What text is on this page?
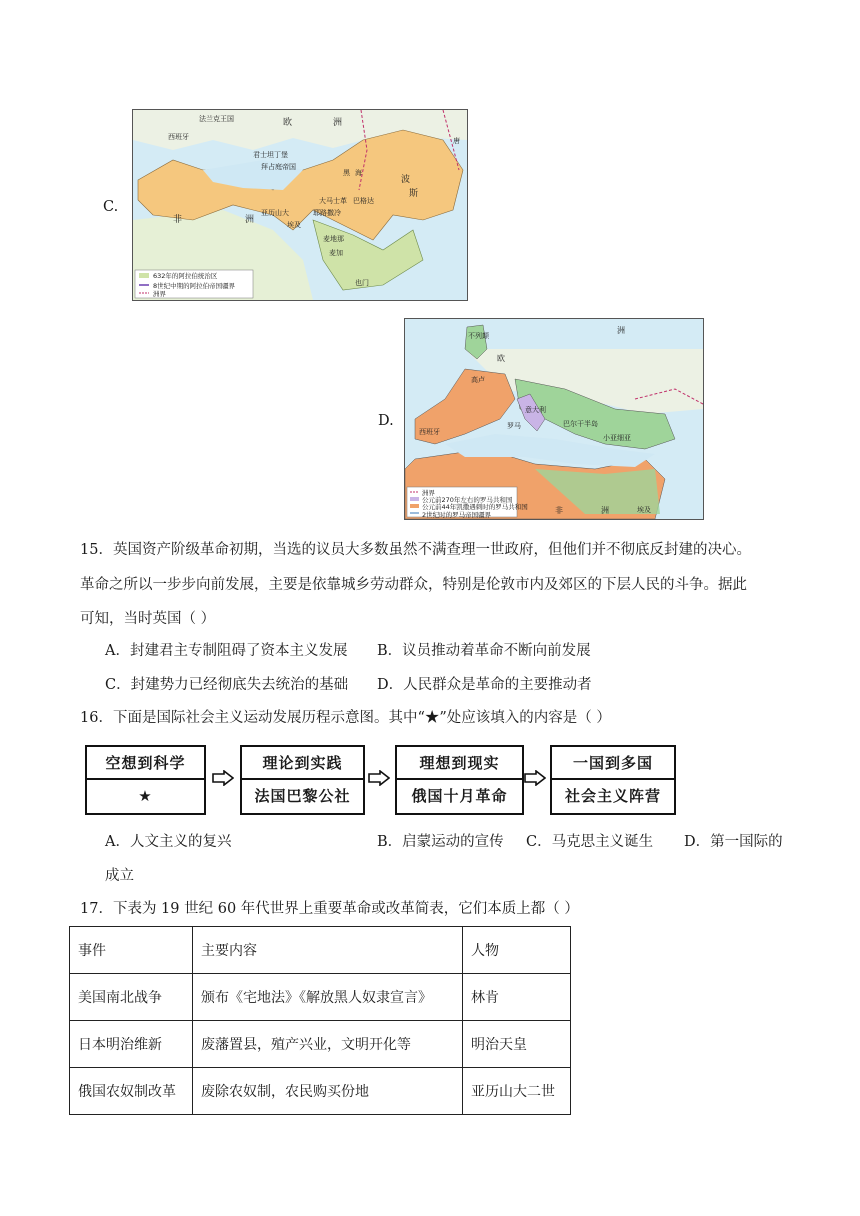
C.
法兰克王国	欧	洲
西班牙
君士坦丁堡
拜占庭帝国
黑 海
波
斯
巴格达
大马士革
耶路撒冷
亚历山大
埃及
麦地那
麦加
非	洲
也门
唐
632年的阿拉伯统治区
8世纪中期的阿拉伯帝国疆界
洲界
D.
不列颠
欧
洲
高卢
西班牙
罗马
意大利
小亚细亚
埃及
非	洲
巴尔干半岛
洲界
公元前270年左右的罗马共和国
公元前44年凯撒遇刺时的罗马共和国
2世纪时的罗马帝国疆界
15．英国资产阶级革命初期，当选的议员大多数虽然不满查理一世政府，但他们并不彻底反封建的决心。
革命之所以一步步向前发展，主要是依靠城乡劳动群众，特别是伦敦市内及郊区的下层人民的斗争。据此
可知，当时英国（ ）
A．封建君主专制阻碍了资本主义发展 B．议员推动着革命不断向前发展
C．封建势力已经彻底失去统治的基础 D．人民群众是革命的主要推动者
16．下面是国际社会主义运动发展历程示意图。其中“★”处应该填入的内容是（ ）
空想到科学
★
理论到实践
法国巴黎公社
理想到现实
俄国十月革命
一国到多国
社会主义阵营
A．人文主义的复兴	B．启蒙运动的宣传 C．马克思主义诞生 D．第一国际的
成立
17．下表为 19 世纪 60 年代世界上重要革命或改革简表，它们本质上都（ ）
事件	主要内容	人物
美国南北战争	颁布《宅地法》《解放黑人奴隶宣言》	林肯
日本明治维新	废藩置县，殖产兴业，文明开化等	明治天皇
俄国农奴制改革	废除农奴制，农民购买份地	亚历山大二世
